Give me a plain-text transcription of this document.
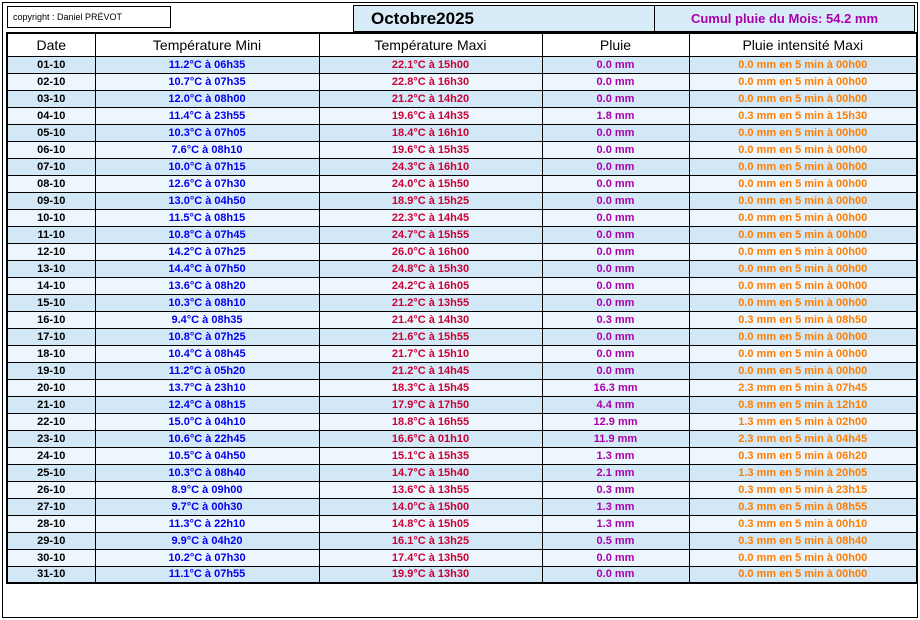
copyright : Daniel PRÉVOT	Octobre2025	Cumul pluie du Mois: 54.2 mm
Date	Température Mini	Température Maxi	Pluie	Pluie intensité Maxi
01-10	11.2°C à 06h35	22.1°C à 15h00	0.0 mm	0.0 mm en 5 min à 00h00
02-10	10.7°C à 07h35	22.8°C à 16h30	0.0 mm	0.0 mm en 5 min à 00h00
03-10	12.0°C à 08h00	21.2°C à 14h20	0.0 mm	0.0 mm en 5 min à 00h00
04-10	11.4°C à 23h55	19.6°C à 14h35	1.8 mm	0.3 mm en 5 min à 15h30
05-10	10.3°C à 07h05	18.4°C à 16h10	0.0 mm	0.0 mm en 5 min à 00h00
06-10	7.6°C à 08h10	19.6°C à 15h35	0.0 mm	0.0 mm en 5 min à 00h00
07-10	10.0°C à 07h15	24.3°C à 16h10	0.0 mm	0.0 mm en 5 min à 00h00
08-10	12.6°C à 07h30	24.0°C à 15h50	0.0 mm	0.0 mm en 5 min à 00h00
09-10	13.0°C à 04h50	18.9°C à 15h25	0.0 mm	0.0 mm en 5 min à 00h00
10-10	11.5°C à 08h15	22.3°C à 14h45	0.0 mm	0.0 mm en 5 min à 00h00
11-10	10.8°C à 07h45	24.7°C à 15h55	0.0 mm	0.0 mm en 5 min à 00h00
12-10	14.2°C à 07h25	26.0°C à 16h00	0.0 mm	0.0 mm en 5 min à 00h00
13-10	14.4°C à 07h50	24.8°C à 15h30	0.0 mm	0.0 mm en 5 min à 00h00
14-10	13.6°C à 08h20	24.2°C à 16h05	0.0 mm	0.0 mm en 5 min à 00h00
15-10	10.3°C à 08h10	21.2°C à 13h55	0.0 mm	0.0 mm en 5 min à 00h00
16-10	9.4°C à 08h35	21.4°C à 14h30	0.3 mm	0.3 mm en 5 min à 08h50
17-10	10.8°C à 07h25	21.6°C à 15h55	0.0 mm	0.0 mm en 5 min à 00h00
18-10	10.4°C à 08h45	21.7°C à 15h10	0.0 mm	0.0 mm en 5 min à 00h00
19-10	11.2°C à 05h20	21.2°C à 14h45	0.0 mm	0.0 mm en 5 min à 00h00
20-10	13.7°C à 23h10	18.3°C à 15h45	16.3 mm	2.3 mm en 5 min à 07h45
21-10	12.4°C à 08h15	17.9°C à 17h50	4.4 mm	0.8 mm en 5 min à 12h10
22-10	15.0°C à 04h10	18.8°C à 16h55	12.9 mm	1.3 mm en 5 min à 02h00
23-10	10.6°C à 22h45	16.6°C à 01h10	11.9 mm	2.3 mm en 5 min à 04h45
24-10	10.5°C à 04h50	15.1°C à 15h35	1.3 mm	0.3 mm en 5 min à 06h20
25-10	10.3°C à 08h40	14.7°C à 15h40	2.1 mm	1.3 mm en 5 min à 20h05
26-10	8.9°C à 09h00	13.6°C à 13h55	0.3 mm	0.3 mm en 5 min à 23h15
27-10	9.7°C à 00h30	14.0°C à 15h00	1.3 mm	0.3 mm en 5 min à 08h55
28-10	11.3°C à 22h10	14.8°C à 15h05	1.3 mm	0.3 mm en 5 min à 00h10
29-10	9.9°C à 04h20	16.1°C à 13h25	0.5 mm	0.3 mm en 5 min à 08h40
30-10	10.2°C à 07h30	17.4°C à 13h50	0.0 mm	0.0 mm en 5 min à 00h00
31-10	11.1°C à 07h55	19.9°C à 13h30	0.0 mm	0.0 mm en 5 min à 00h00
